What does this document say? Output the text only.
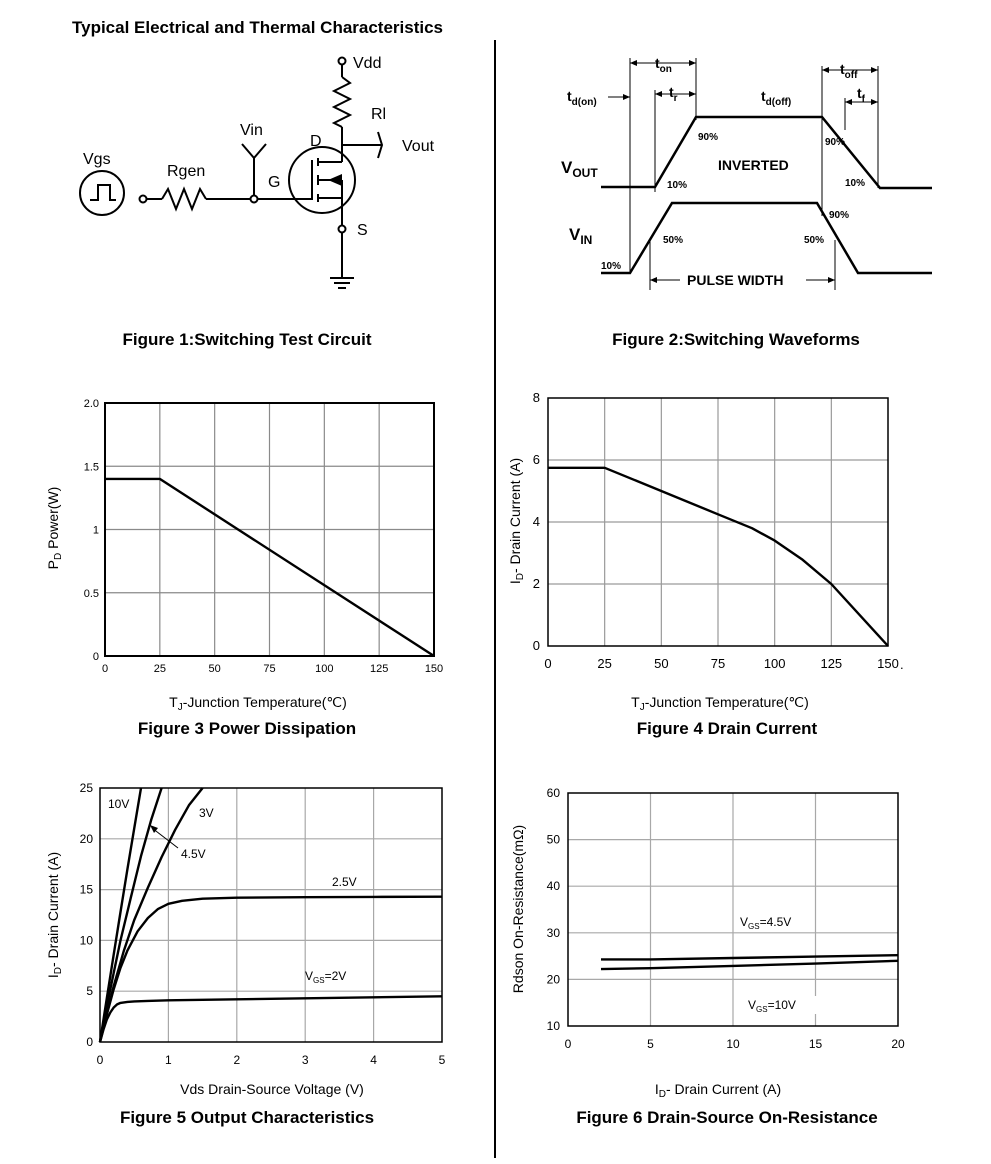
Typical Electrical and Thermal Characteristics
Vdd
Rl
Vin
Vout
D
G
S
Vgs
Rgen
Figure 1:Switching Test Circuit
$t_{on}$
$t_r$
$t_{d(on)}$	$t_{d(off)}$
$t_{off}$
$t_f$
$V_{OUT}$
$V_{IN}$
INVERTED
PULSE WIDTH
90%	90%
90%
10%	10%
10%
50%	50%
Figure 2:Switching Waveforms
0	25	50	75	100	125	150
0
0.5
1
1.5
2.0
0	25	50	75	100	125	150
0
2
4
6
8
.
0	1	2	3	4	5
0
5
10
15
20
25
10V
3V
4.5V
2.5V
$V_{GS}=2V$
0	5	10	15	20
10
20
30
40
50
60
$V_{GS}=4.5V$
$V_{GS}=10V$
$T_J$-Junction Temperature(℃)
$P_D$ Power(W)
$T_J$-Junction Temperature(℃)
$I_D-$ Drain Current (A)
Vds Drain-Source Voltage (V)
$I_D-$ Drain Current (A)
$I_D-$ Drain Current (A)
Rdson On-Resistance(mΩ)
Figure 3 Power Dissipation	Figure 4 Drain Current
Figure 5 Output Characteristics	Figure 6 Drain-Source On-Resistance
